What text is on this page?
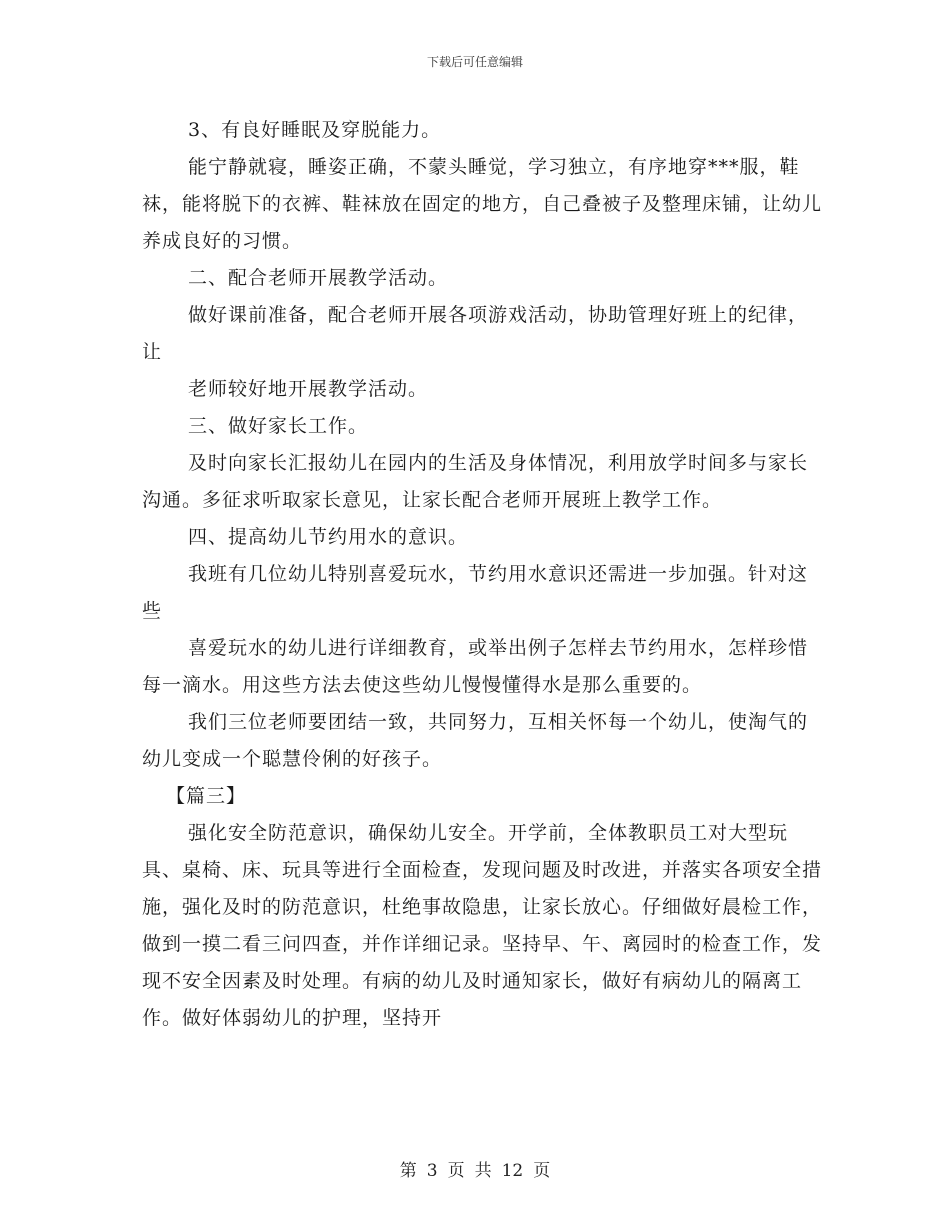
下载后可任意编辑

3、有良好睡眠及穿脱能力。

能宁静就寝，睡姿正确，不蒙头睡觉，学习独立，有序地穿***服，鞋袜，能将脱下的衣裤、鞋袜放在固定的地方，自己叠被子及整理床铺，让幼儿养成良好的习惯。

二、配合老师开展教学活动。

做好课前准备，配合老师开展各项游戏活动，协助管理好班上的纪律，让

老师较好地开展教学活动。

三、做好家长工作。

及时向家长汇报幼儿在园内的生活及身体情况，利用放学时间多与家长沟通。多征求听取家长意见，让家长配合老师开展班上教学工作。

四、提高幼儿节约用水的意识。

我班有几位幼儿特别喜爱玩水，节约用水意识还需进一步加强。针对这些

喜爱玩水的幼儿进行详细教育，或举出例子怎样去节约用水，怎样珍惜每一滴水。用这些方法去使这些幼儿慢慢懂得水是那么重要的。

我们三位老师要团结一致，共同努力，互相关怀每一个幼儿，使淘气的幼儿变成一个聪慧伶俐的好孩子。

【篇三】

强化安全防范意识，确保幼儿安全。开学前，全体教职员工对大型玩具、桌椅、床、玩具等进行全面检查，发现问题及时改进，并落实各项安全措施，强化及时的防范意识，杜绝事故隐患，让家长放心。仔细做好晨检工作，做到一摸二看三问四查，并作详细记录。坚持早、午、离园时的检查工作，发现不安全因素及时处理。有病的幼儿及时通知家长，做好有病幼儿的隔离工作。做好体弱幼儿的护理，坚持开

第 3 页 共 12 页
